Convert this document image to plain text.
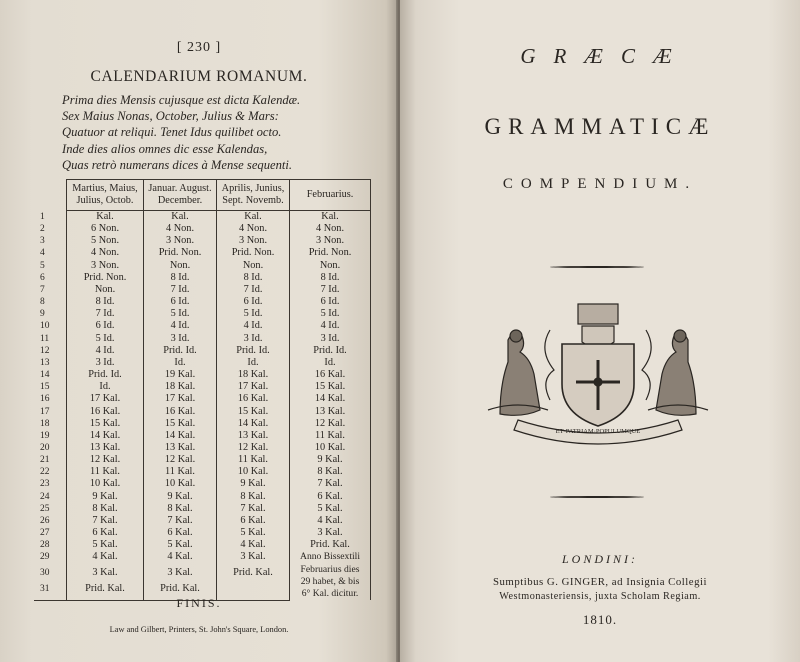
[ 230 ]
CALENDARIUM ROMANUM.
Prima dies Mensis cujusque est dicta Kalendæ.
Sex Maius Nonas, October, Julius & Mars:
Quatuor at reliqui. Tenet Idus quilibet octo.
Inde dies alios omnes dic esse Kalendas,
Quas retrò numerans dices à Mense sequenti.
	Martius, Maius, Julius, Octob.	Januar. August. December.	Aprilis, Junius, Sept. Novemb.	Februarius.
1	Kal.	Kal.	Kal.	Kal.
2	6 Non.	4 Non.	4 Non.	4 Non.
3	5 Non.	3 Non.	3 Non.	3 Non.
4	4 Non.	Prid. Non.	Prid. Non.	Prid. Non.
5	3 Non.	Non.	Non.	Non.
6	Prid. Non.	8 Id.	8 Id.	8 Id.
7	Non.	7 Id.	7 Id.	7 Id.
8	8 Id.	6 Id.	6 Id.	6 Id.
9	7 Id.	5 Id.	5 Id.	5 Id.
10	6 Id.	4 Id.	4 Id.	4 Id.
11	5 Id.	3 Id.	3 Id.	3 Id.
12	4 Id.	Prid. Id.	Prid. Id.	Prid. Id.
13	3 Id.	Id.	Id.	Id.
14	Prid. Id.	19 Kal.	18 Kal.	16 Kal.
15	Id.	18 Kal.	17 Kal.	15 Kal.
16	17 Kal.	17 Kal.	16 Kal.	14 Kal.
17	16 Kal.	16 Kal.	15 Kal.	13 Kal.
18	15 Kal.	15 Kal.	14 Kal.	12 Kal.
19	14 Kal.	14 Kal.	13 Kal.	11 Kal.
20	13 Kal.	13 Kal.	12 Kal.	10 Kal.
21	12 Kal.	12 Kal.	11 Kal.	9 Kal.
22	11 Kal.	11 Kal.	10 Kal.	8 Kal.
23	10 Kal.	10 Kal.	9 Kal.	7 Kal.
24	9 Kal.	9 Kal.	8 Kal.	6 Kal.
25	8 Kal.	8 Kal.	7 Kal.	5 Kal.
26	7 Kal.	7 Kal.	6 Kal.	4 Kal.
27	6 Kal.	6 Kal.	5 Kal.	3 Kal.
28	5 Kal.	5 Kal.	4 Kal.	Prid. Kal.
29	4 Kal.	4 Kal.	3 Kal.	Anno Bissextili
Februarius dies
29 habet, & bis
6° Kal. dicitur.

30	3 Kal.	3 Kal.	Prid. Kal.	
31	Prid. Kal.	Prid. Kal.		
FINIS.
Law and Gilbert, Printers, St. John's Square, London.
GRÆCÆ
GRAMMATICÆ
COMPENDIUM.
ET·PATRIAM·POPULUMQUE
LONDINI:
Sumptibus G. GINGER, ad Insignia Collegii
Westmonasteriensis, juxta Scholam Regiam.
1810.
